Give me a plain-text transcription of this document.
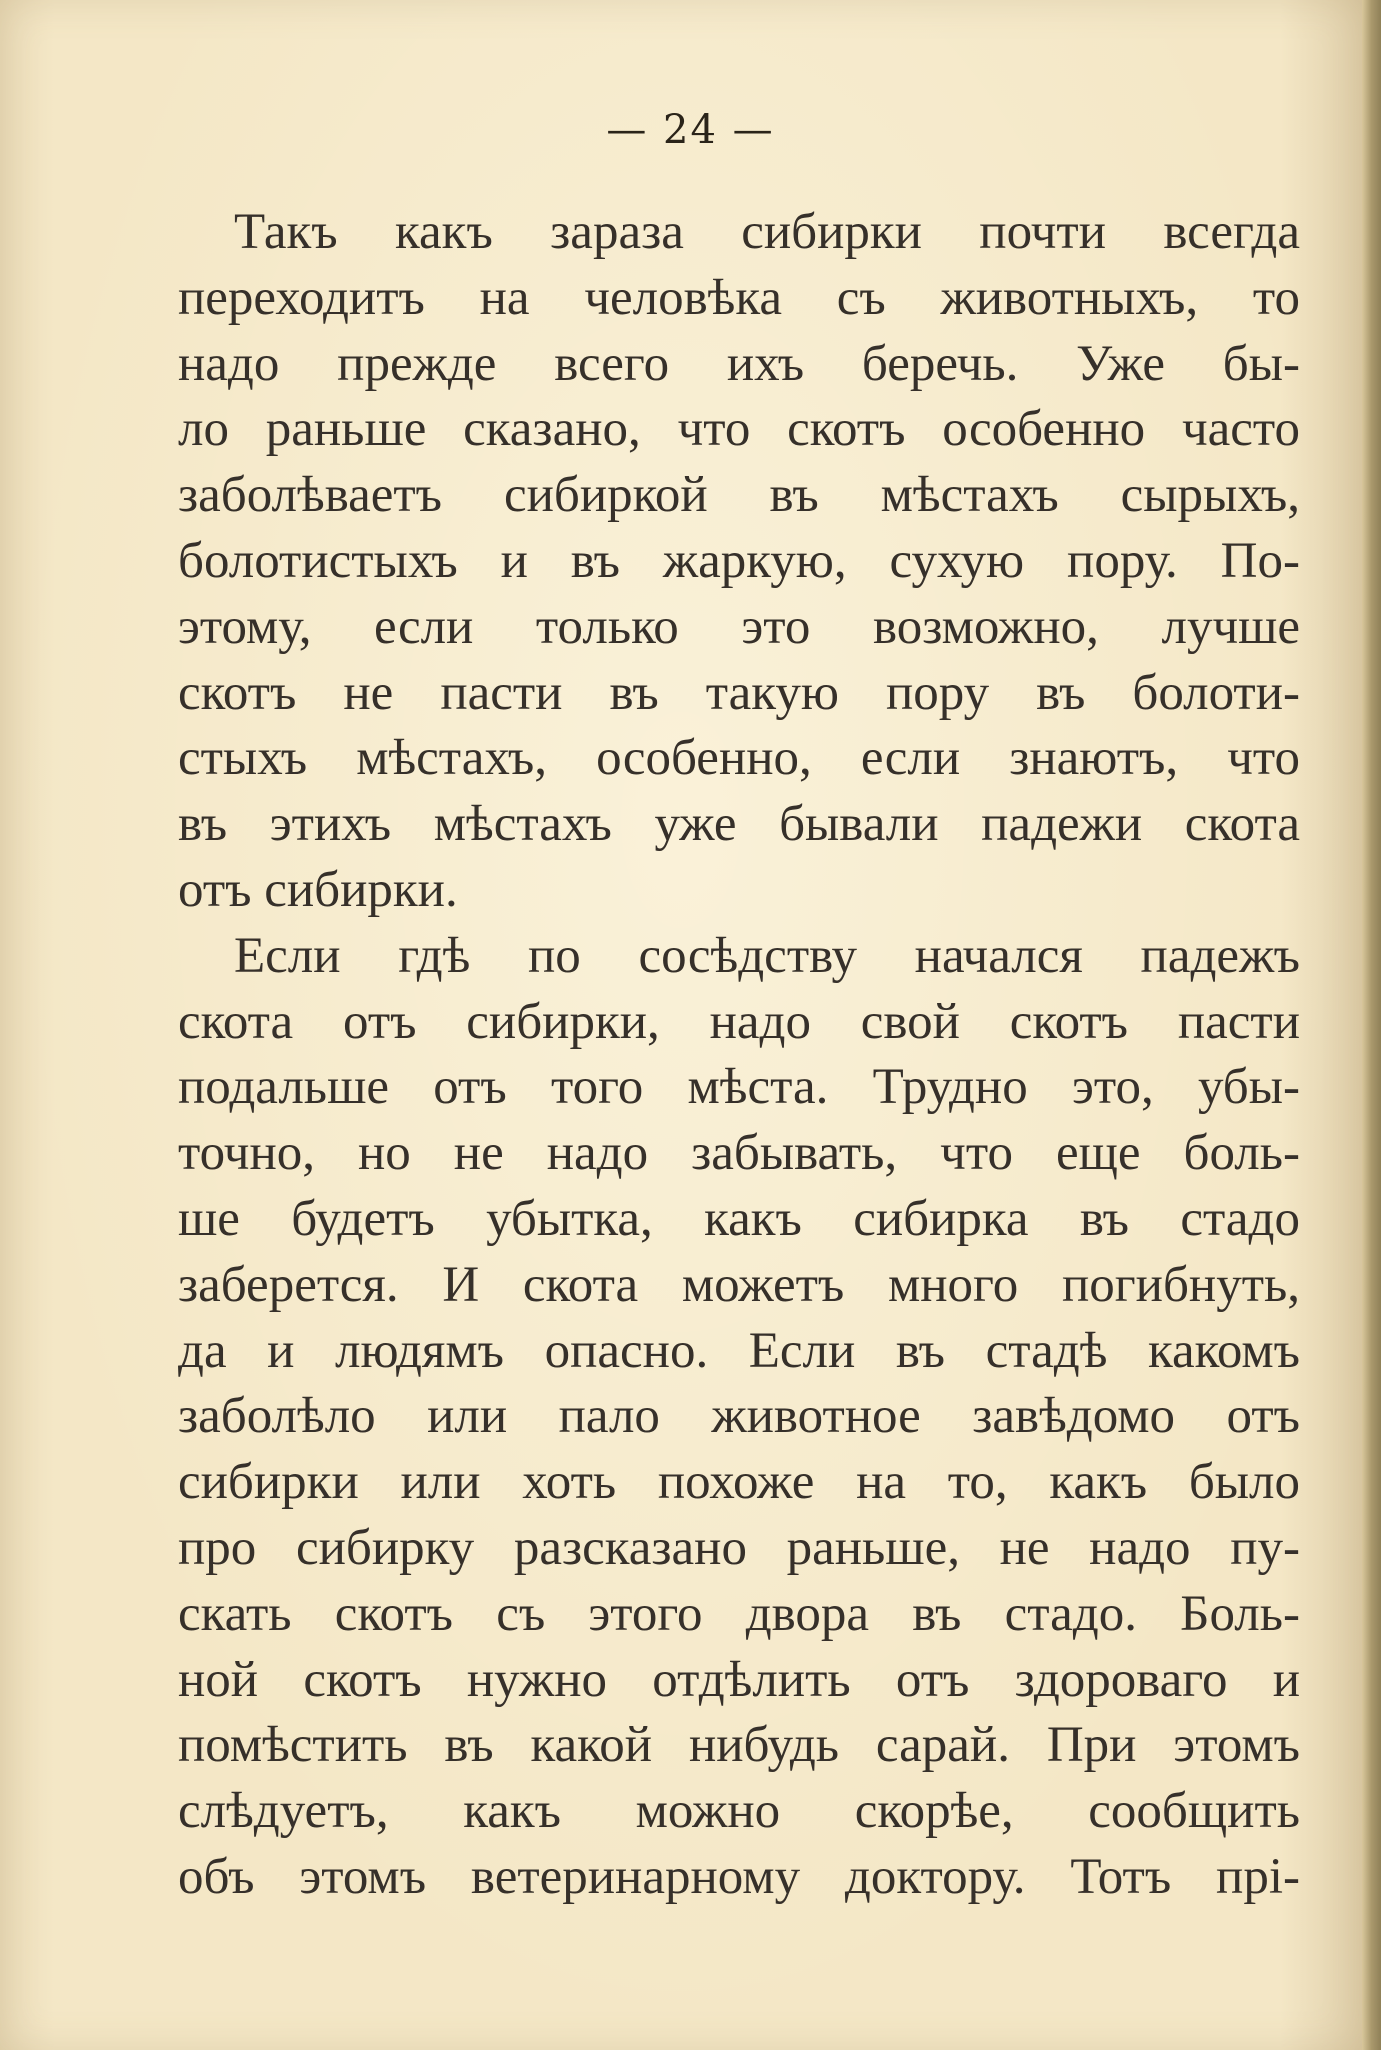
— 24 —
Такъ какъ зараза сибирки почти всегда
переходитъ на человѣка съ животныхъ, то
надо прежде всего ихъ беречь. Уже бы-
ло раньше сказано, что скотъ особенно часто
заболѣваетъ сибиркой въ мѣстахъ сырыхъ,
болотистыхъ и въ жаркую, сухую пору. По-
этому, если только это возможно, лучше
скотъ не пасти въ такую пору въ болоти-
стыхъ мѣстахъ, особенно, если знаютъ, что
въ этихъ мѣстахъ уже бывали падежи скота
отъ сибирки.
Если гдѣ по сосѣдству начался падежъ
скота отъ сибирки, надо свой скотъ пасти
подальше отъ того мѣста. Трудно это, убы-
точно, но не надо забывать, что еще боль-
ше будетъ убытка, какъ сибирка въ стадо
заберется. И скота можетъ много погибнуть,
да и людямъ опасно. Если въ стадѣ какомъ
заболѣло или пало животное завѣдомо отъ
сибирки или хоть похоже на то, какъ было
про сибирку разсказано раньше, не надо пу-
скать скотъ съ этого двора въ стадо. Боль-
ной скотъ нужно отдѣлить отъ здороваго и
помѣстить въ какой нибудь сарай. При этомъ
слѣдуетъ, какъ можно скорѣе, сообщить
объ этомъ ветеринарному доктору. Тотъ прі-
